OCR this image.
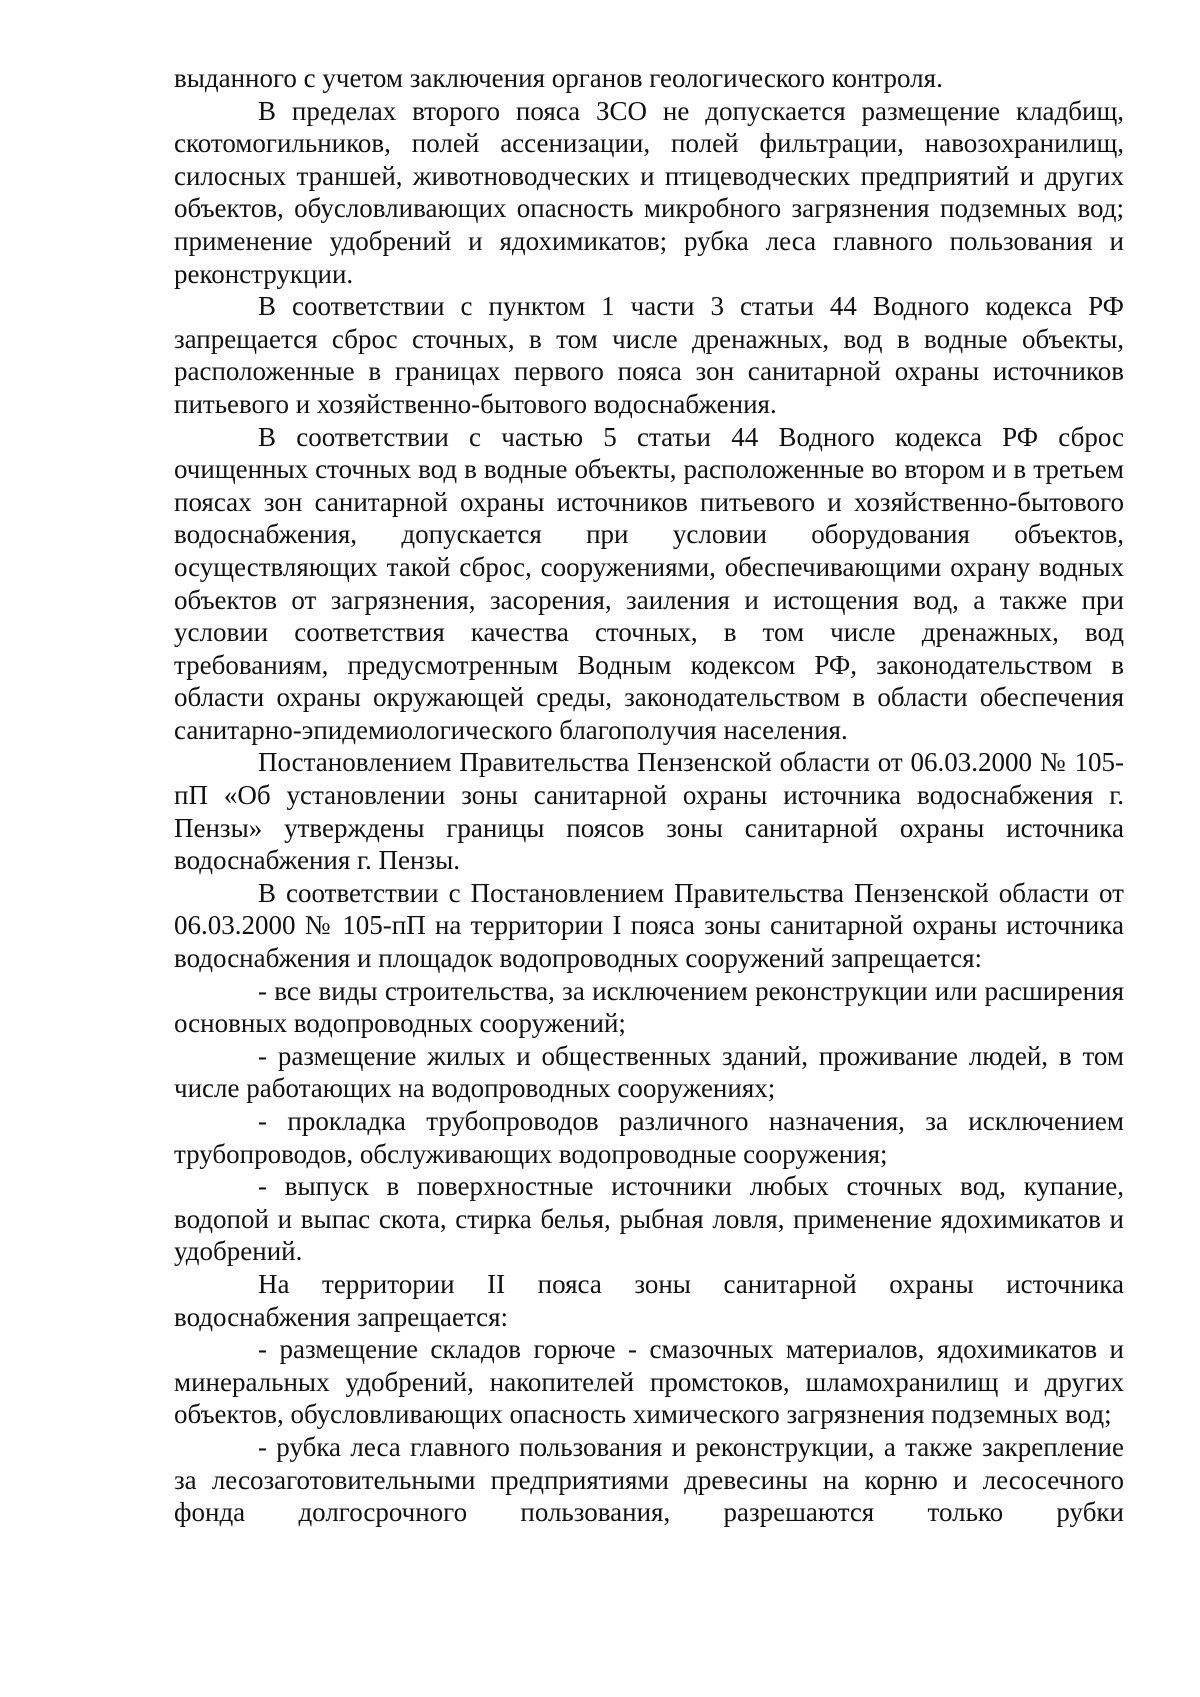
выданного с учетом заключения органов геологического контроля.

В пределах второго пояса ЗСО не допускается размещение кладбищ, скотомогильников, полей ассенизации, полей фильтрации, навозохранилищ, силосных траншей, животноводческих и птицеводческих предприятий и других объектов, обусловливающих опасность микробного загрязнения подземных вод; применение удобрений и ядохимикатов; рубка леса главного пользования и реконструкции.

В соответствии с пунктом 1 части 3 статьи 44 Водного кодекса РФ запрещается сброс сточных, в том числе дренажных, вод в водные объекты, расположенные в границах первого пояса зон санитарной охраны источников питьевого и хозяйственно-бытового водоснабжения.

В соответствии с частью 5 статьи 44 Водного кодекса РФ сброс очищенных сточных вод в водные объекты, расположенные во втором и в третьем поясах зон санитарной охраны источников питьевого и хозяйственно-бытового водоснабжения, допускается при условии оборудования объектов, осуществляющих такой сброс, сооружениями, обеспечивающими охрану водных объектов от загрязнения, засорения, заиления и истощения вод, а также при условии соответствия качества сточных, в том числе дренажных, вод требованиям, предусмотренным Водным кодексом РФ, законодательством в области охраны окружающей среды, законодательством в области обеспечения санитарно-эпидемиологического благополучия населения.

Постановлением Правительства Пензенской области от 06.03.2000 № 105-пП «Об установлении зоны санитарной охраны источника водоснабжения г. Пензы» утверждены границы поясов зоны санитарной охраны источника водоснабжения г. Пензы.

В соответствии с Постановлением Правительства Пензенской области от 06.03.2000 № 105-пП на территории I пояса зоны санитарной охраны источника водоснабжения и площадок водопроводных сооружений запрещается:

- все виды строительства, за исключением реконструкции или расширения основных водопроводных сооружений;

- размещение жилых и общественных зданий, проживание людей, в том числе работающих на водопроводных сооружениях;

- прокладка трубопроводов различного назначения, за исключением трубопроводов, обслуживающих водопроводные сооружения;

- выпуск в поверхностные источники любых сточных вод, купание, водопой и выпас скота, стирка белья, рыбная ловля, применение ядохимикатов и удобрений.

На территории II пояса зоны санитарной охраны источника водоснабжения запрещается:

- размещение складов горюче - смазочных материалов, ядохимикатов и минеральных удобрений, накопителей промстоков, шламохранилищ и других объектов, обусловливающих опасность химического загрязнения подземных вод;

- рубка леса главного пользования и реконструкции, а также закрепление за лесозаготовительными предприятиями древесины на корню и лесосечного фонда долгосрочного пользования, разрешаются только рубки
